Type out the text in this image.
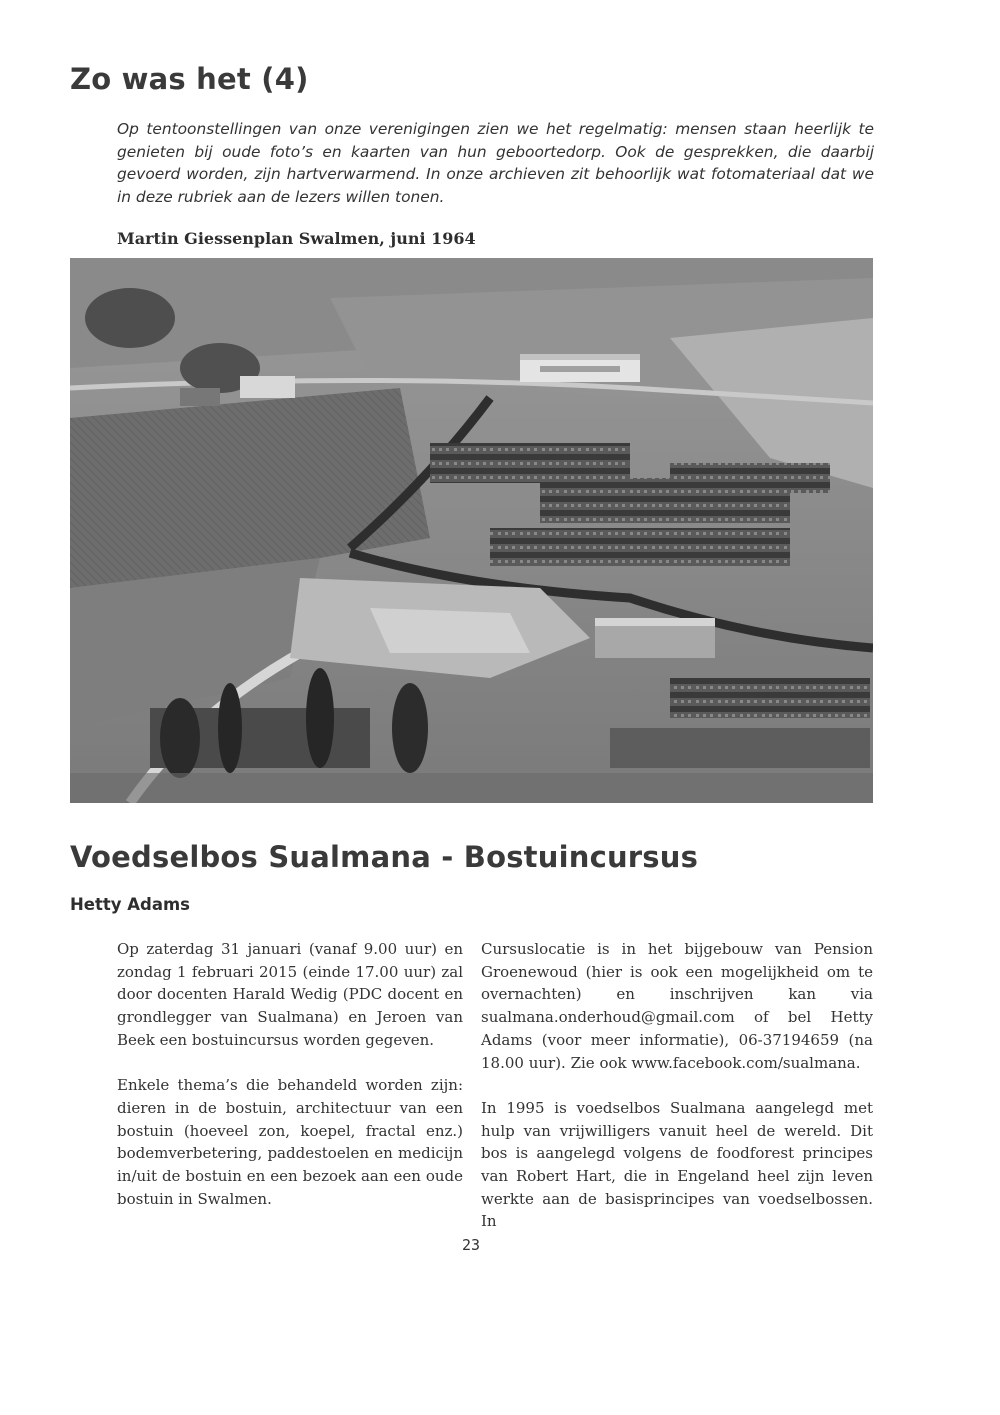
Zo was het (4)

Op tentoonstellingen van onze verenigingen zien we het regelmatig: mensen staan heerlijk te genieten bij oude foto’s en kaarten van hun geboortedorp. Ook de gesprekken, die daarbij gevoerd worden, zijn hartverwarmend. In onze archieven zit behoorlijk wat fotomateriaal dat we in deze rubriek aan de lezers willen tonen.

Martin Giessenplan Swalmen, juni 1964

Voedselbos Sualmana - Bostuincursus

Hetty Adams

Op zaterdag 31 januari (vanaf 9.00 uur) en zondag 1 februari 2015 (einde 17.00 uur) zal door docenten Harald Wedig (PDC docent en grondlegger van Sualmana) en Jeroen van Beek een bostuincursus worden gegeven.

Enkele thema’s die behandeld worden zijn: dieren in de bostuin, architectuur van een bostuin (hoeveel zon, koepel, fractal enz.) bodemverbetering, paddestoelen en medicijn in/uit de bostuin en een bezoek aan een oude bostuin in Swalmen.

Cursuslocatie is in het bijgebouw van Pension Groenewoud (hier is ook een mogelijkheid om te overnachten) en inschrijven kan via sualmana.onderhoud@gmail.com of bel Hetty Adams (voor meer informatie), 06-37194659 (na 18.00 uur). Zie ook www.facebook.com/sualmana.

In 1995 is voedselbos Sualmana aangelegd met hulp van vrijwilligers vanuit heel de wereld. Dit bos is aangelegd volgens de foodforest principes van Robert Hart, die in Engeland heel zijn leven werkte aan de basisprincipes van voedselbossen. In

23
